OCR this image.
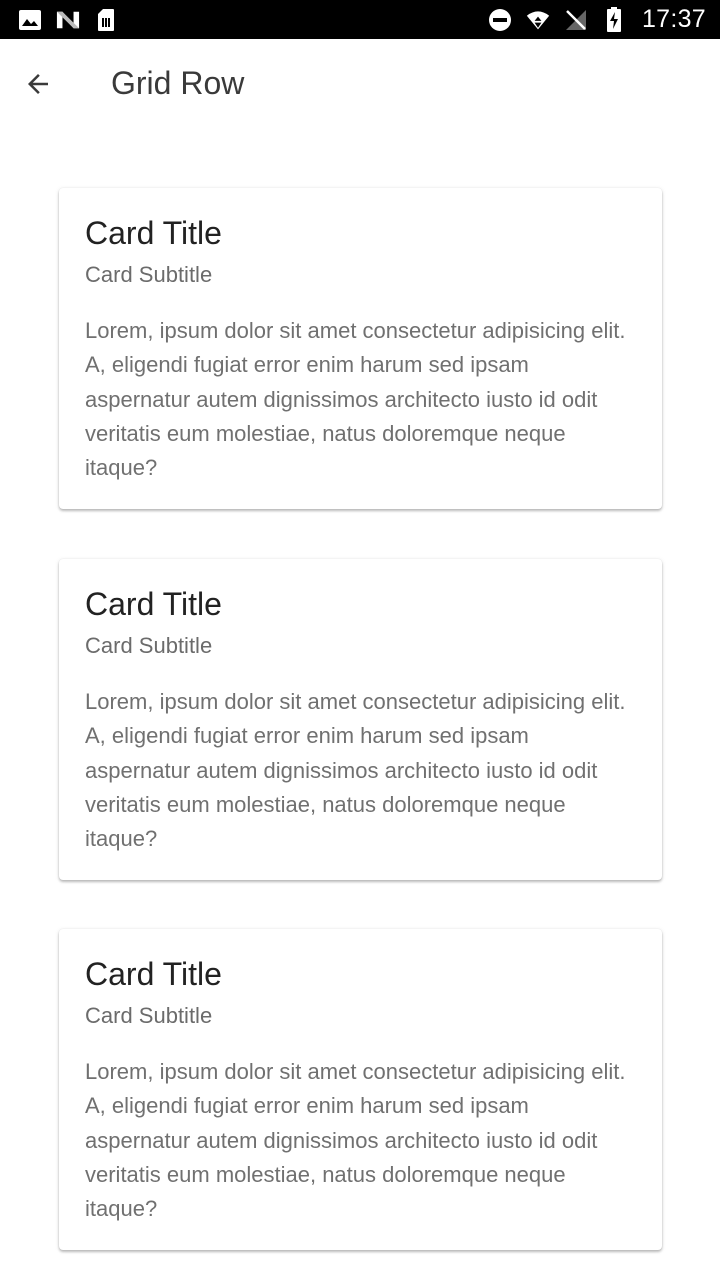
17:37
Grid Row
Card Title
Card Subtitle
Lorem, ipsum dolor sit amet consectetur adipisicing elit. A, eligendi fugiat error enim harum sed ipsam aspernatur autem dignissimos architecto iusto id odit veritatis eum molestiae, natus doloremque neque itaque?
Card Title
Card Subtitle
Lorem, ipsum dolor sit amet consectetur adipisicing elit. A, eligendi fugiat error enim harum sed ipsam aspernatur autem dignissimos architecto iusto id odit veritatis eum molestiae, natus doloremque neque itaque?
Card Title
Card Subtitle
Lorem, ipsum dolor sit amet consectetur adipisicing elit. A, eligendi fugiat error enim harum sed ipsam aspernatur autem dignissimos architecto iusto id odit veritatis eum molestiae, natus doloremque neque itaque?
